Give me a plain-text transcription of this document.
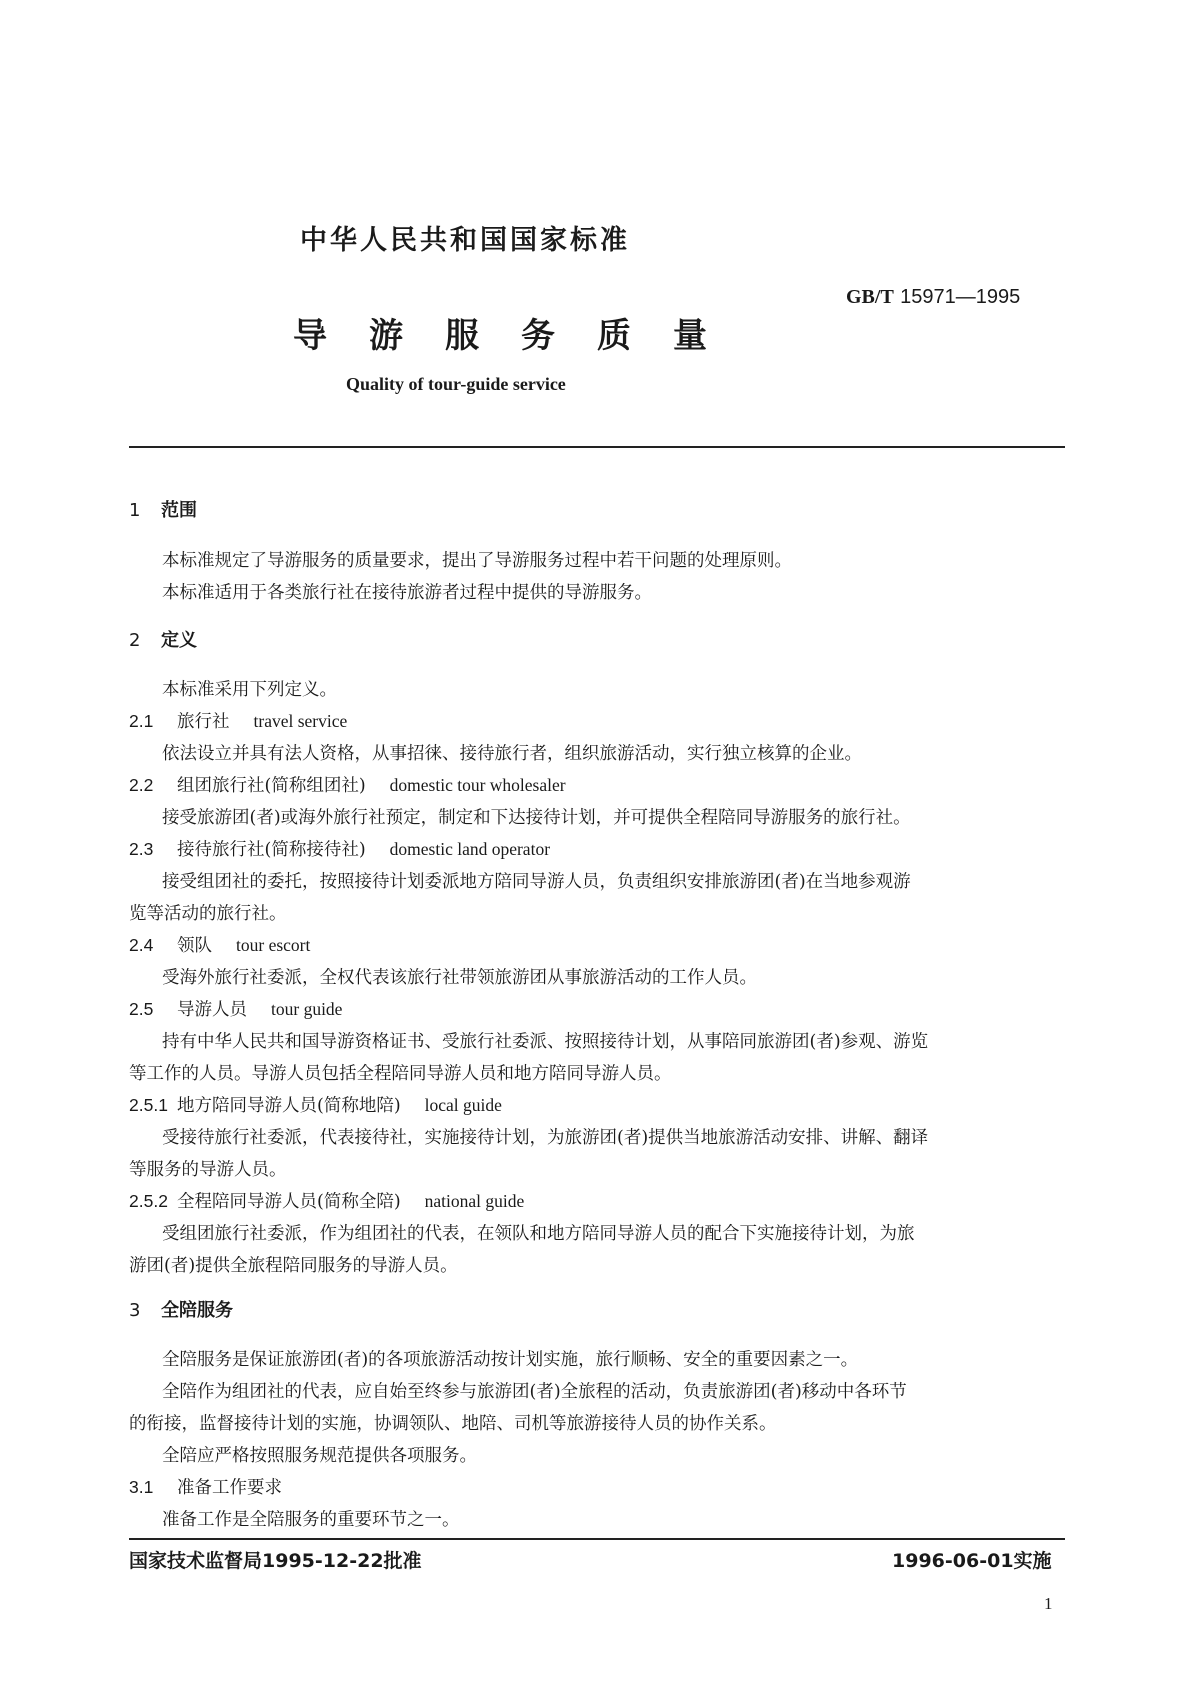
中华人民共和国国家标准
GB/T 15971—1995
导 游 服 务 质 量
Quality of tour-guide service
1 范围
本标准规定了导游服务的质量要求，提出了导游服务过程中若干问题的处理原则。
本标准适用于各类旅行社在接待旅游者过程中提供的导游服务。
2 定义
本标准采用下列定义。
2.1 旅行社 travel service
依法设立并具有法人资格，从事招徕、接待旅行者，组织旅游活动，实行独立核算的企业。
2.2 组团旅行社(简称组团社) domestic tour wholesaler
接受旅游团(者)或海外旅行社预定，制定和下达接待计划，并可提供全程陪同导游服务的旅行社。
2.3 接待旅行社(简称接待社) domestic land operator
接受组团社的委托，按照接待计划委派地方陪同导游人员，负责组织安排旅游团(者)在当地参观游
览等活动的旅行社。
2.4 领队 tour escort
受海外旅行社委派，全权代表该旅行社带领旅游团从事旅游活动的工作人员。
2.5 导游人员 tour guide
持有中华人民共和国导游资格证书、受旅行社委派、按照接待计划，从事陪同旅游团(者)参观、游览
等工作的人员。导游人员包括全程陪同导游人员和地方陪同导游人员。
2.5.1 地方陪同导游人员(简称地陪) local guide
受接待旅行社委派，代表接待社，实施接待计划，为旅游团(者)提供当地旅游活动安排、讲解、翻译
等服务的导游人员。
2.5.2 全程陪同导游人员(简称全陪) national guide
受组团旅行社委派，作为组团社的代表，在领队和地方陪同导游人员的配合下实施接待计划，为旅
游团(者)提供全旅程陪同服务的导游人员。
3 全陪服务
全陪服务是保证旅游团(者)的各项旅游活动按计划实施，旅行顺畅、安全的重要因素之一。
全陪作为组团社的代表，应自始至终参与旅游团(者)全旅程的活动，负责旅游团(者)移动中各环节
的衔接，监督接待计划的实施，协调领队、地陪、司机等旅游接待人员的协作关系。
全陪应严格按照服务规范提供各项服务。
3.1 准备工作要求
准备工作是全陪服务的重要环节之一。
国家技术监督局1995-12-22批准	1996-06-01实施
1
